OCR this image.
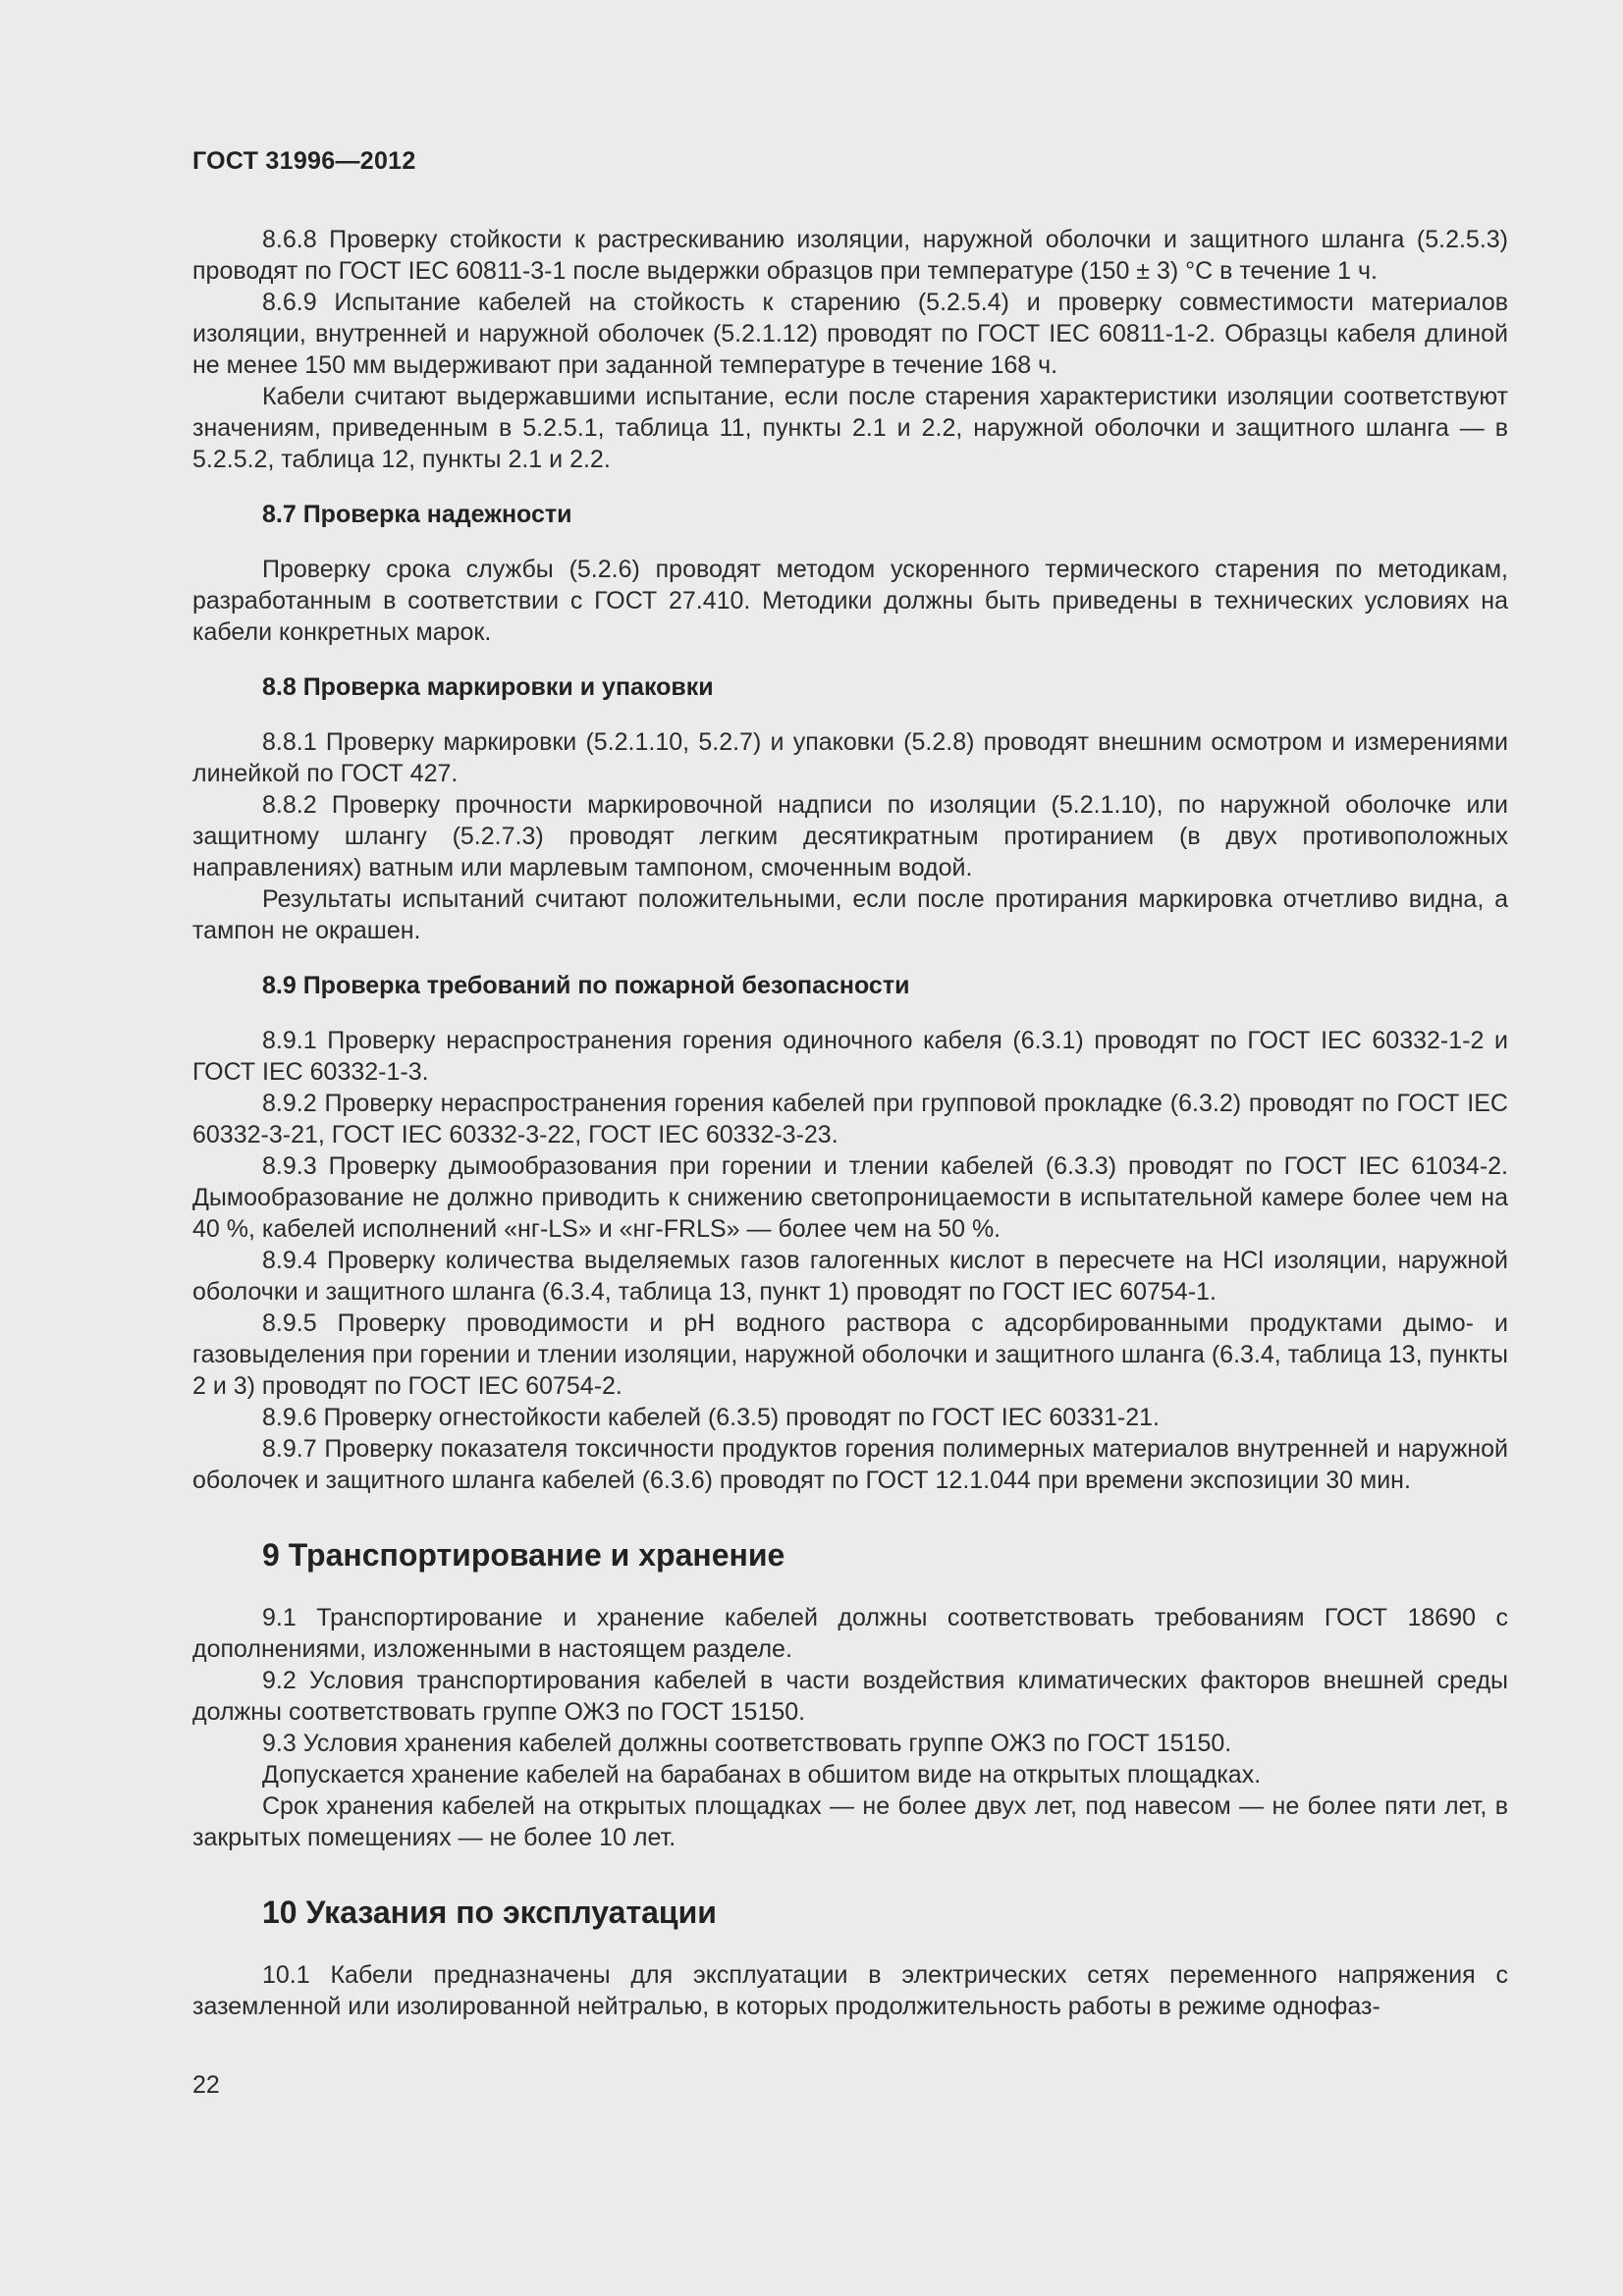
ГОСТ 31996—2012

8.6.8 Проверку стойкости к растрескиванию изоляции, наружной оболочки и защитного шланга (5.2.5.3) проводят по ГОСТ IEC 60811-3-1 после выдержки образцов при температуре (150 ± 3) °С в течение 1 ч.

8.6.9 Испытание кабелей на стойкость к старению (5.2.5.4) и проверку совместимости материалов изоляции, внутренней и наружной оболочек (5.2.1.12) проводят по ГОСТ IEC 60811-1-2. Образцы кабеля длиной не менее 150 мм выдерживают при заданной температуре в течение 168 ч.

Кабели считают выдержавшими испытание, если после старения характеристики изоляции соответствуют значениям, приведенным в 5.2.5.1, таблица 11, пункты 2.1 и 2.2, наружной оболочки и защитного шланга — в 5.2.5.2, таблица 12, пункты 2.1 и 2.2.

8.7 Проверка надежности

Проверку срока службы (5.2.6) проводят методом ускоренного термического старения по методикам, разработанным в соответствии с ГОСТ 27.410. Методики должны быть приведены в технических условиях на кабели конкретных марок.

8.8 Проверка маркировки и упаковки

8.8.1 Проверку маркировки (5.2.1.10, 5.2.7) и упаковки (5.2.8) проводят внешним осмотром и измерениями линейкой по ГОСТ 427.

8.8.2 Проверку прочности маркировочной надписи по изоляции (5.2.1.10), по наружной оболочке или защитному шлангу (5.2.7.3) проводят легким десятикратным протиранием (в двух противоположных направлениях) ватным или марлевым тампоном, смоченным водой.

Результаты испытаний считают положительными, если после протирания маркировка отчетливо видна, а тампон не окрашен.

8.9 Проверка требований по пожарной безопасности

8.9.1 Проверку нераспространения горения одиночного кабеля (6.3.1) проводят по ГОСТ IEC 60332-1-2 и ГОСТ IEC 60332-1-3.

8.9.2 Проверку нераспространения горения кабелей при групповой прокладке (6.3.2) проводят по ГОСТ IEC 60332-3-21, ГОСТ IEC 60332-3-22, ГОСТ IEC 60332-3-23.

8.9.3 Проверку дымообразования при горении и тлении кабелей (6.3.3) проводят по ГОСТ IEC 61034-2. Дымообразование не должно приводить к снижению светопроницаемости в испытательной камере более чем на 40 %, кабелей исполнений «нг-LS» и «нг-FRLS» — более чем на 50 %.

8.9.4 Проверку количества выделяемых газов галогенных кислот в пересчете на HCl изоляции, наружной оболочки и защитного шланга (6.3.4, таблица 13, пункт 1) проводят по ГОСТ IEC 60754-1.

8.9.5 Проверку проводимости и pH водного раствора с адсорбированными продуктами дымо- и газовыделения при горении и тлении изоляции, наружной оболочки и защитного шланга (6.3.4, таблица 13, пункты 2 и 3) проводят по ГОСТ IEC 60754-2.

8.9.6 Проверку огнестойкости кабелей (6.3.5) проводят по ГОСТ IEC 60331-21.

8.9.7 Проверку показателя токсичности продуктов горения полимерных материалов внутренней и наружной оболочек и защитного шланга кабелей (6.3.6) проводят по ГОСТ 12.1.044 при времени экспозиции 30 мин.

9 Транспортирование и хранение

9.1 Транспортирование и хранение кабелей должны соответствовать требованиям ГОСТ 18690 с дополнениями, изложенными в настоящем разделе.

9.2 Условия транспортирования кабелей в части воздействия климатических факторов внешней среды должны соответствовать группе ОЖЗ по ГОСТ 15150.

9.3 Условия хранения кабелей должны соответствовать группе ОЖЗ по ГОСТ 15150.

Допускается хранение кабелей на барабанах в обшитом виде на открытых площадках.

Срок хранения кабелей на открытых площадках — не более двух лет, под навесом — не более пяти лет, в закрытых помещениях — не более 10 лет.

10 Указания по эксплуатации

10.1 Кабели предназначены для эксплуатации в электрических сетях переменного напряжения с заземленной или изолированной нейтралью, в которых продолжительность работы в режиме однофаз-

22
